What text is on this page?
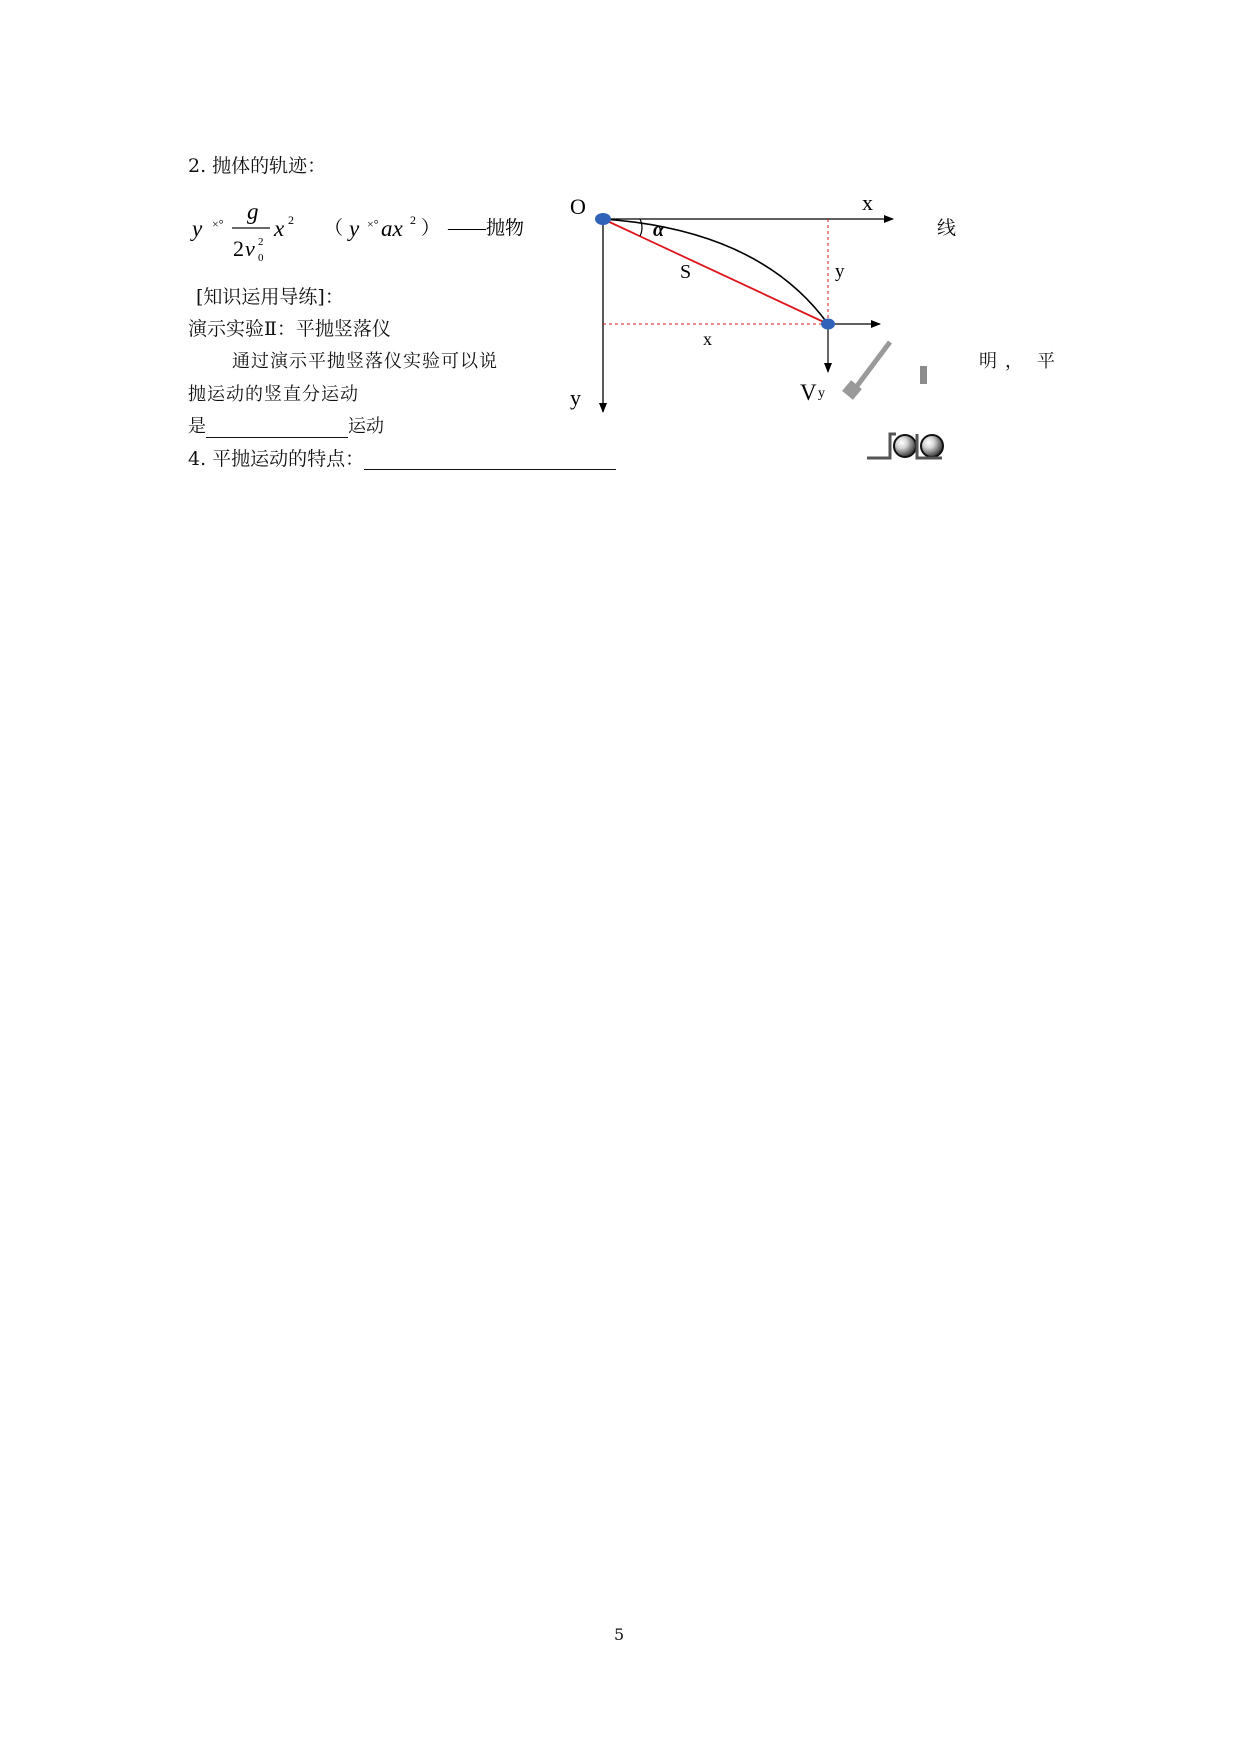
2. 抛体的轨迹：
y ×° g
2 v 2
0
x 2 （ y ×° ax 2 ） ——抛物	线
[知识运用导练]：
演示实验Ⅱ：平抛竖落仪
通过演示平抛竖落仪实验可以说	明， 平
抛运动的竖直分运动
是	运动
4. 平抛运动的特点：
O	x
y
α
S	y
x
V y
5
